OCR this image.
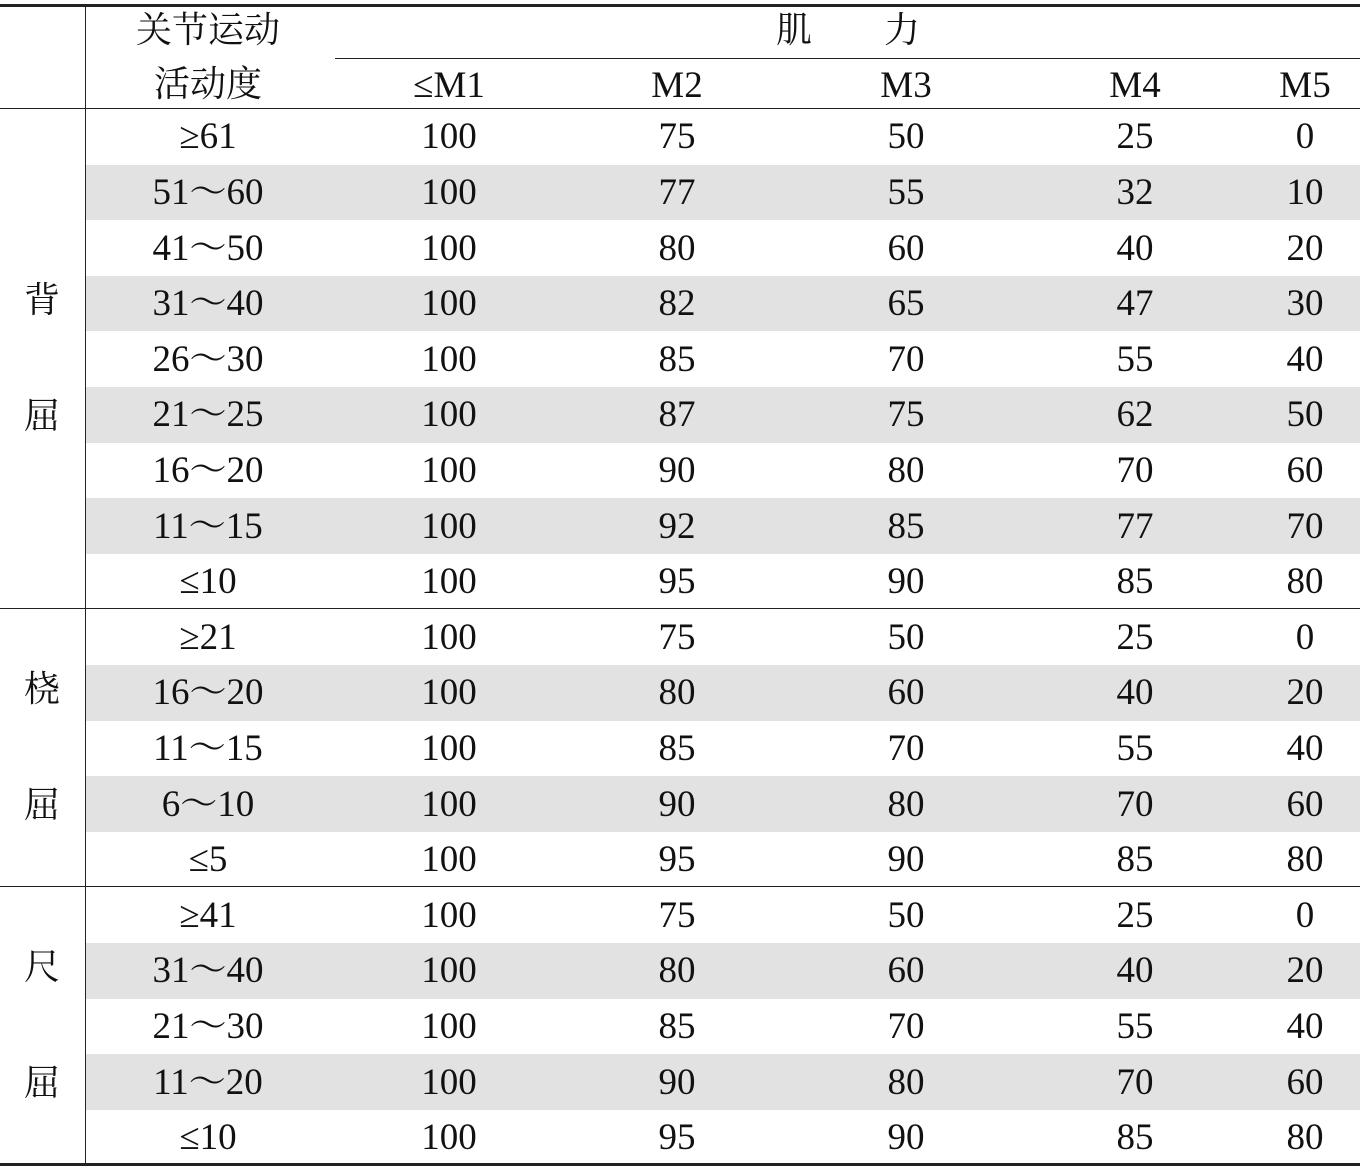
关节运动
活动度
肌　　力
≤M1	M2	M3	M4	M5
背
屈
≥61	100	75	50	25	0
51～60	100	77	55	32	10
41～50	100	80	60	40	20
31～40	100	82	65	47	30
26～30	100	85	70	55	40
21～25	100	87	75	62	50
16～20	100	90	80	70	60
11～15	100	92	85	77	70
≤10	100	95	90	85	80
桡
屈
≥21	100	75	50	25	0
16～20	100	80	60	40	20
11～15	100	85	70	55	40
6～10	100	90	80	70	60
≤5	100	95	90	85	80
尺
屈
≥41	100	75	50	25	0
31～40	100	80	60	40	20
21～30	100	85	70	55	40
11～20	100	90	80	70	60
≤10	100	95	90	85	80
